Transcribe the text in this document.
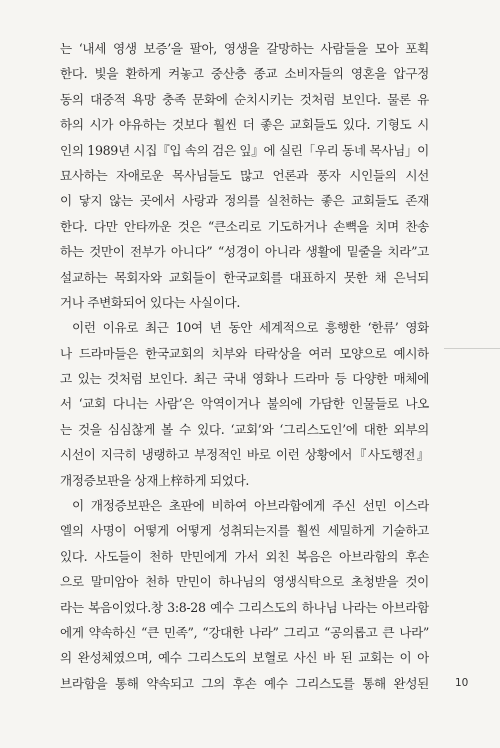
는 ‘내세 영생 보증’을 팔아, 영생을 갈망하는 사람들을 모아 포획
한다. 빛을 환하게 켜놓고 중산층 종교 소비자들의 영혼을 압구정
동의 대중적 욕망 충족 문화에 순치시키는 것처럼 보인다. 물론 유
하의 시가 야유하는 것보다 훨씬 더 좋은 교회들도 있다. 기형도 시
인의 1989년 시집『입 속의 검은 잎』에 실린「우리 동네 목사님」이
묘사하는 자애로운 목사님들도 많고 언론과 풍자 시인들의 시선
이 닿지 않는 곳에서 사랑과 정의를 실천하는 좋은 교회들도 존재
한다. 다만 안타까운 것은 “큰소리로 기도하거나 손뼉을 치며 찬송
하는 것만이 전부가 아니다” “성경이 아니라 생활에 밑줄을 치라”고
설교하는 목회자와 교회들이 한국교회를 대표하지 못한 채 은닉되
거나 주변화되어 있다는 사실이다.
이런 이유로 최근 10여 년 동안 세계적으로 흥행한 ‘한류’ 영화
나 드라마들은 한국교회의 치부와 타락상을 여러 모양으로 예시하
고 있는 것처럼 보인다. 최근 국내 영화나 드라마 등 다양한 매체에
서 ‘교회 다니는 사람’은 악역이거나 불의에 가담한 인물들로 나오
는 것을 심심찮게 볼 수 있다. ‘교회’와 ‘그리스도인’에 대한 외부의
시선이 지극히 냉랭하고 부정적인 바로 이런 상황에서『사도행전』
개정증보판을 상재上梓하게 되었다.
이 개정증보판은 초판에 비하여 아브라함에게 주신 선민 이스라
엘의 사명이 어떻게 어떻게 성취되는지를 훨씬 세밀하게 기술하고
있다. 사도들이 천하 만민에게 가서 외친 복음은 아브라함의 후손
으로 말미암아 천하 만민이 하나님의 영생식탁으로 초청받을 것이
라는 복음이었다.창 3:8-28 예수 그리스도의 하나님 나라는 아브라함
에게 약속하신 “큰 민족”, “강대한 나라” 그리고 “공의롭고 큰 나라”
의 완성체였으며, 예수 그리스도의 보혈로 사신 바 된 교회는 이 아
브라함을 통해 약속되고 그의 후손 예수 그리스도를 통해 완성된 10
